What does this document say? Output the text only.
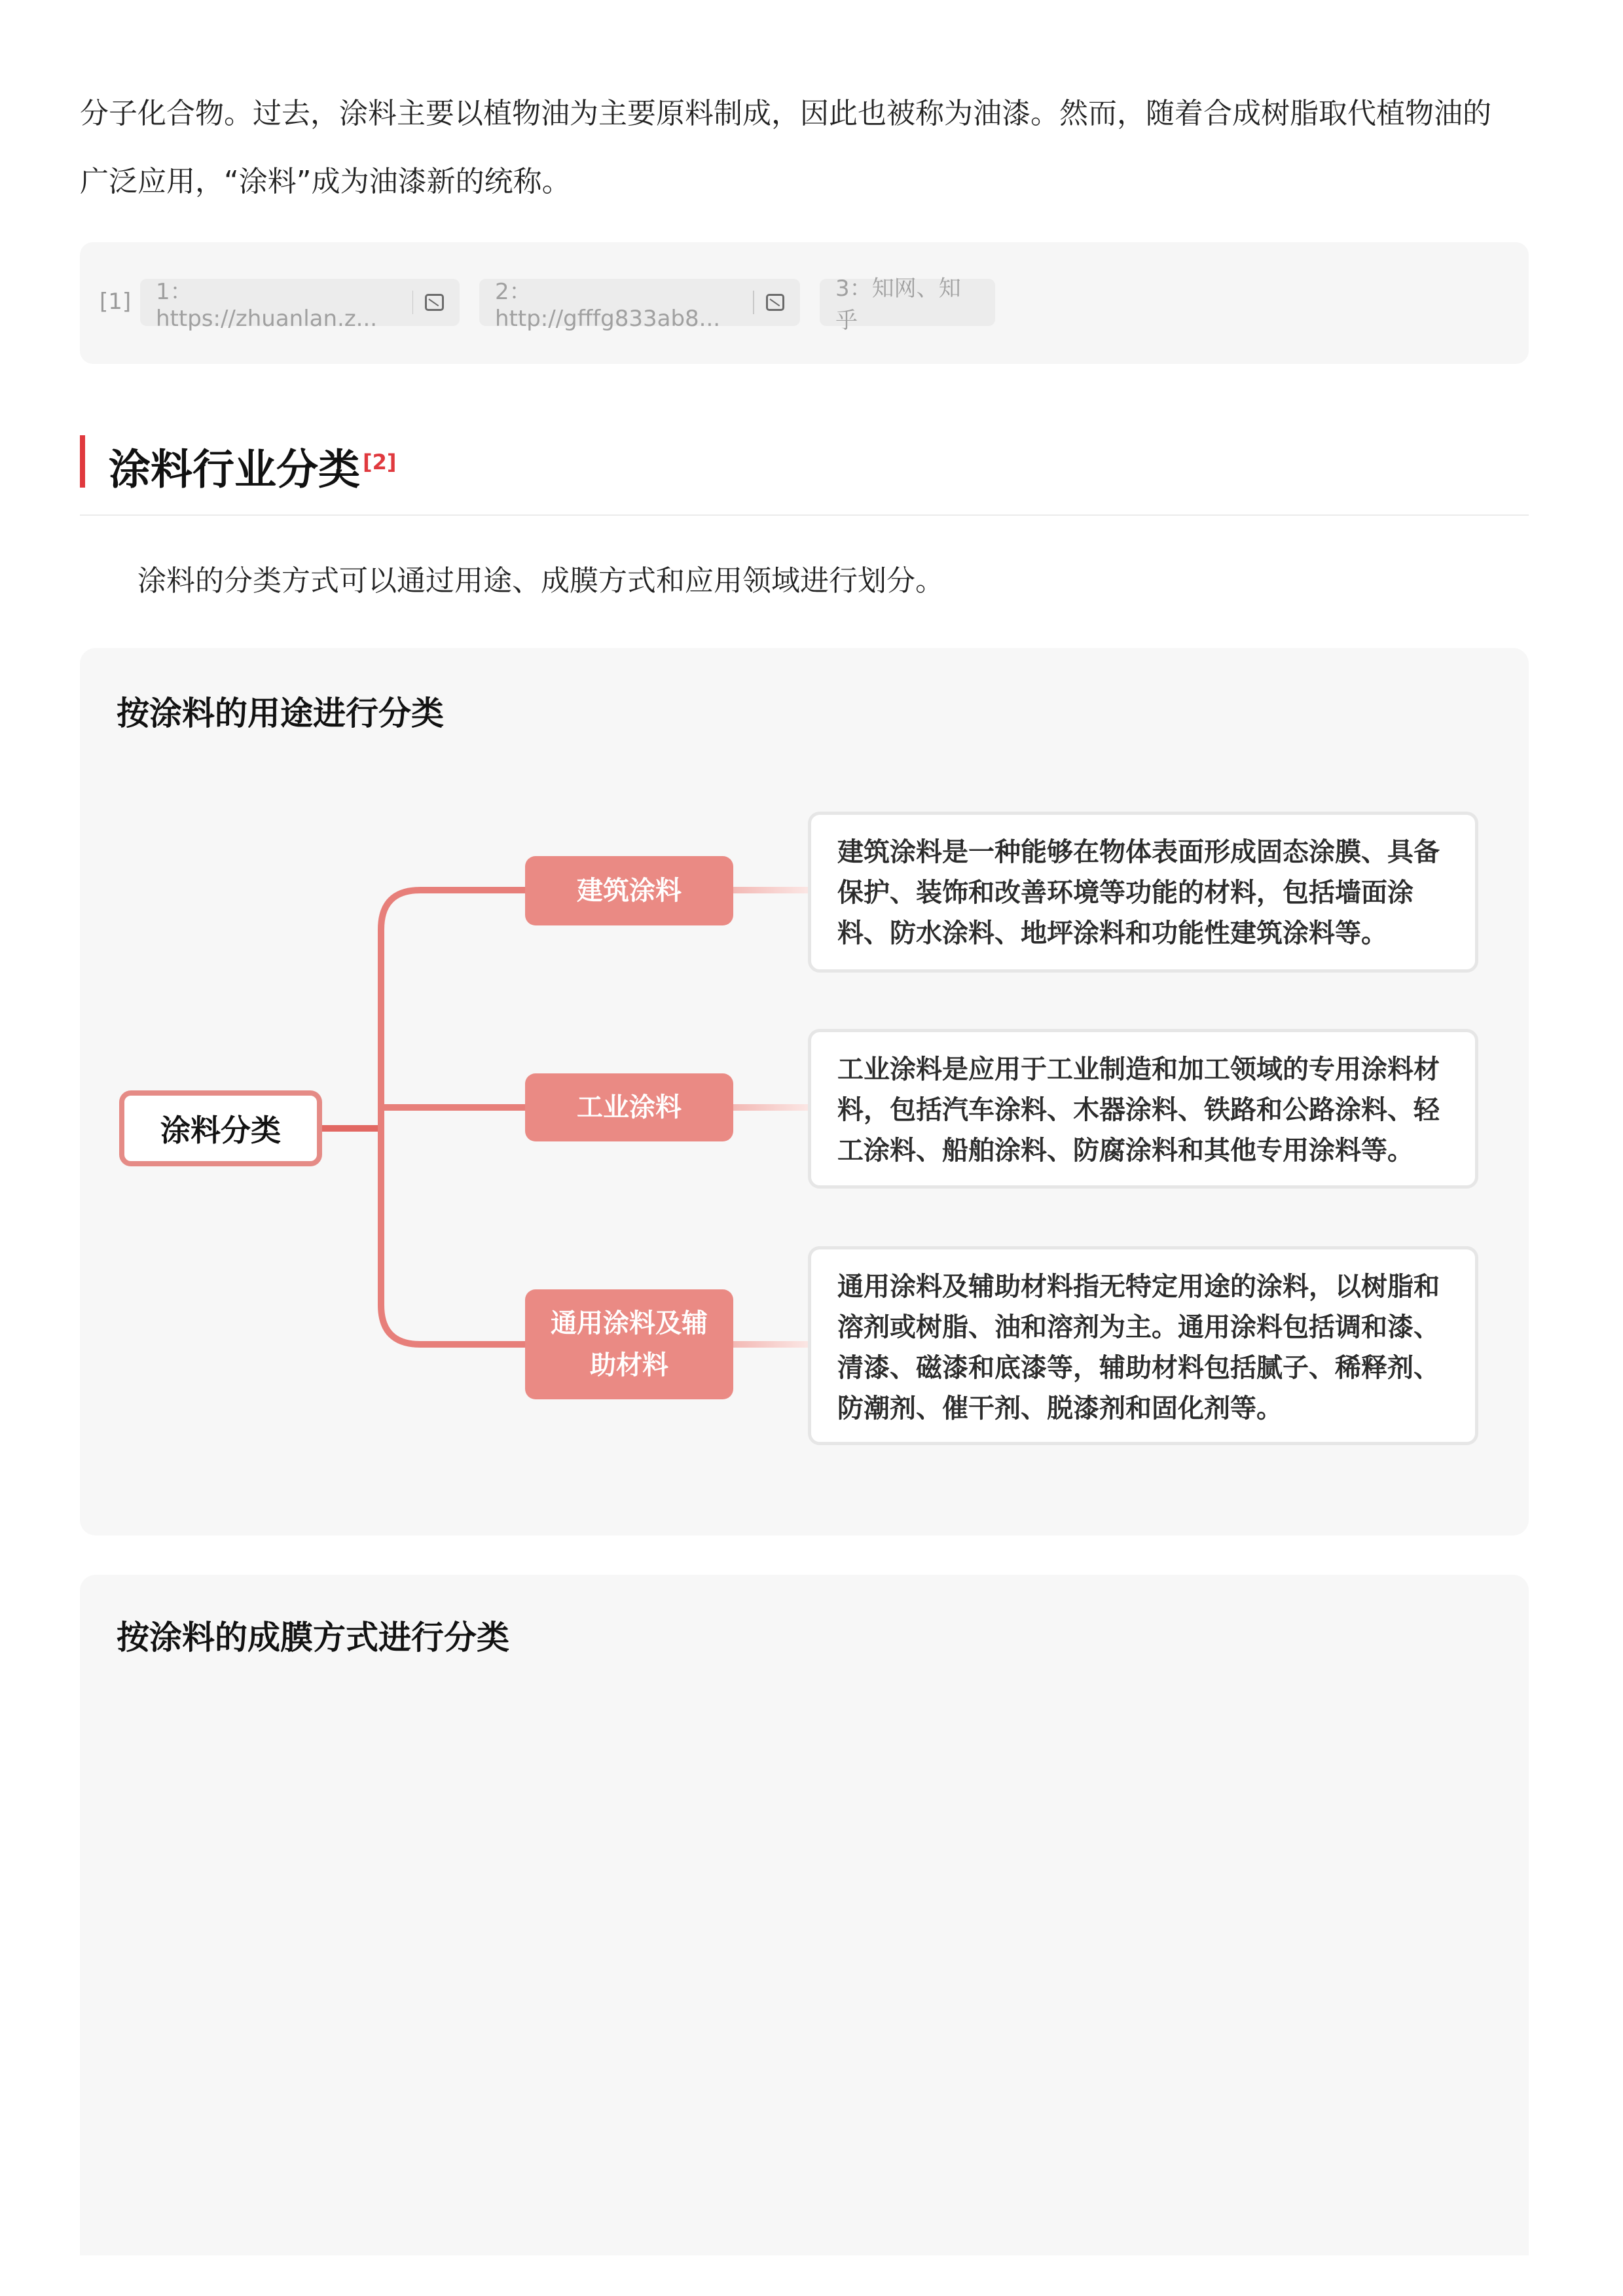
分子化合物。过去，涂料主要以植物油为主要原料制成，因此也被称为油漆。然而，随着合成树脂取代植物油的
广泛应用，“涂料”成为油漆新的统称。
[1] 1：https://zhuanlan.z...
2：http://gfffg833ab8...
3：知网、知乎
涂料行业分类 [2]
涂料的分类方式可以通过用途、成膜方式和应用领域进行划分。
按涂料的用途进行分类
涂料分类
建筑涂料
工业涂料
通用涂料及辅助材料
建筑涂料是一种能够在物体表面形成固态涂膜、具备保护、装饰和改善环境等功能的材料，包括墙面涂料、防水涂料、地坪涂料和功能性建筑涂料等。
工业涂料是应用于工业制造和加工领域的专用涂料材料，包括汽车涂料、木器涂料、铁路和公路涂料、轻工涂料、船舶涂料、防腐涂料和其他专用涂料等。
通用涂料及辅助材料指无特定用途的涂料，以树脂和溶剂或树脂、油和溶剂为主。通用涂料包括调和漆、清漆、磁漆和底漆等，辅助材料包括腻子、稀释剂、防潮剂、催干剂、脱漆剂和固化剂等。
按涂料的成膜方式进行分类
